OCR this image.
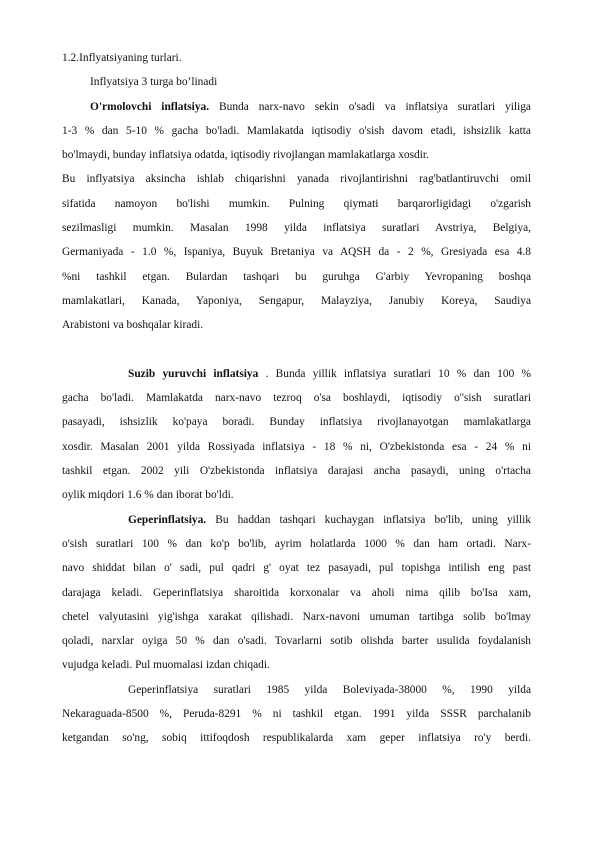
1.2.Inflyatsiyaning turlari.
Inflyatsiya 3 turga bo’linadi
O'rmolovchi inflatsiya. Bunda narx-navo sekin o'sadi va inflatsiya suratlari yiliga
1-3 % dan 5-10 % gacha bo'ladi. Mamlakatda iqtisodiy o'sish davom etadi, ishsizlik katta
bo'lmaydi, bunday inflatsiya odatda, iqtisodiy rivojlangan mamlakatlarga xosdir.
Bu inflyatsiya aksincha ishlab chiqarishni yanada rivojlantirishni rag'batlantiruvchi omil
sifatida namoyon bo'lishi mumkin. Pulning qiymati barqarorligidagi o'zgarish
sezilmasligi mumkin. Masalan 1998 yilda inflatsiya suratlari Avstriya, Belgiya,
Germaniyada - 1.0 %, Ispaniya, Buyuk Bretaniya va AQSH da - 2 %, Gresiyada esa 4.8
%ni tashkil etgan. Bulardan tashqari bu guruhga G'arbiy Yevropaning boshqa
mamlakatlari, Kanada, Yaponiya, Sengapur, Malayziya, Janubiy Koreya, Saudiya
Arabistoni va boshqalar kiradi.
Suzib yuruvchi inflatsiya . Bunda yillik inflatsiya suratlari 10 % dan 100 %
gacha bo'ladi. Mamlakatda narx-navo tezroq o'sa boshlaydi, iqtisodiy o''sish suratlari
pasayadi, ishsizlik ko'paya boradi. Bunday inflatsiya rivojlanayotgan mamlakatlarga
xosdir. Masalan 2001 yilda Rossiyada inflatsiya - 18 % ni, O'zbekistonda esa - 24 % ni
tashkil etgan. 2002 yili O'zbekistonda inflatsiya darajasi ancha pasaydi, uning o'rtacha
oylik miqdori 1.6 % dan iborat bo'ldi.
Geperinflatsiya. Bu haddan tashqari kuchaygan inflatsiya bo'lib, uning yillik
o'sish suratlari 100 % dan ko'p bo'lib, ayrim holatlarda 1000 % dan ham ortadi. Narx-
navo shiddat bilan o' sadi, pul qadri g' oyat tez pasayadi, pul topishga intilish eng past
darajaga keladi. Geperinflatsiya sharoitida korxonalar va aholi nima qilib bo'Isa xam,
chetel valyutasini yig'ishga xarakat qilishadi. Narx-navoni umuman tartibga solib bo'lmay
qoladi, narxlar oyiga 50 % dan o'sadi. Tovarlarni sotib olishda barter usulida foydalanish
vujudga keladi. Pul muomalasi izdan chiqadi.
Geperinflatsiya suratlari 1985 yilda Boleviyada-38000 %, 1990 yilda
Nekaraguada-8500 %, Peruda-8291 % ni tashkil etgan. 1991 yilda SSSR parchalanib
ketgandan so'ng, sobiq ittifoqdosh respublikalarda xam geper inflatsiya ro'y berdi.
